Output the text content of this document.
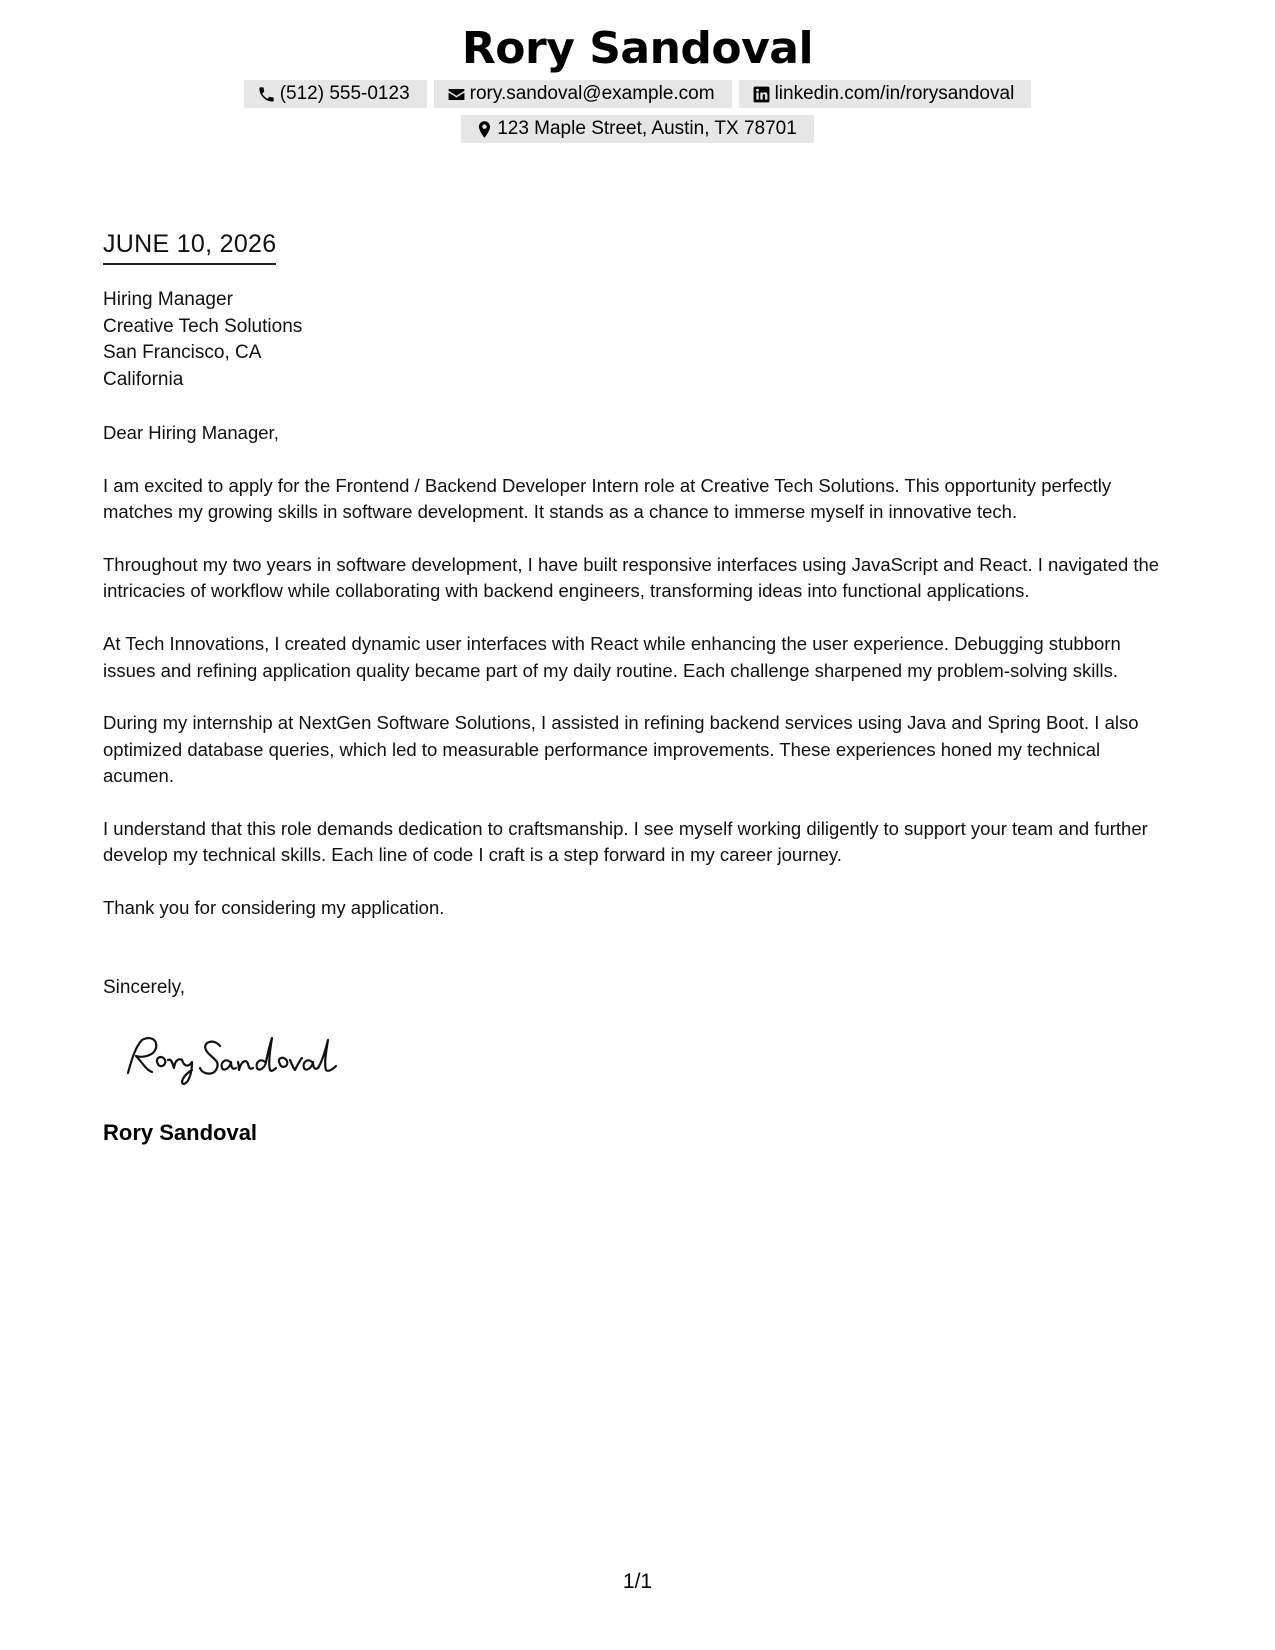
Rory Sandoval
(512) 555-0123	rory.sandoval@example.com	linkedin.com/in/rorysandoval
123 Maple Street, Austin, TX 78701
JUNE 10, 2026
Hiring Manager
Creative Tech Solutions
San Francisco, CA
California

Dear Hiring Manager,

I am excited to apply for the Frontend / Backend Developer Intern role at Creative Tech Solutions. This opportunity perfectly matches my growing skills in software development. It stands as a chance to immerse myself in innovative tech.

Throughout my two years in software development, I have built responsive interfaces using JavaScript and React. I navigated the intricacies of workflow while collaborating with backend engineers, transforming ideas into functional applications.

At Tech Innovations, I created dynamic user interfaces with React while enhancing the user experience. Debugging stubborn issues and refining application quality became part of my daily routine. Each challenge sharpened my problem-solving skills.

During my internship at NextGen Software Solutions, I assisted in refining backend services using Java and Spring Boot. I also optimized database queries, which led to measurable performance improvements. These experiences honed my technical acumen.

I understand that this role demands dedication to craftsmanship. I see myself working diligently to support your team and further develop my technical skills. Each line of code I craft is a step forward in my career journey.

Thank you for considering my application.

Sincerely,
Rory Sandoval
1/1
